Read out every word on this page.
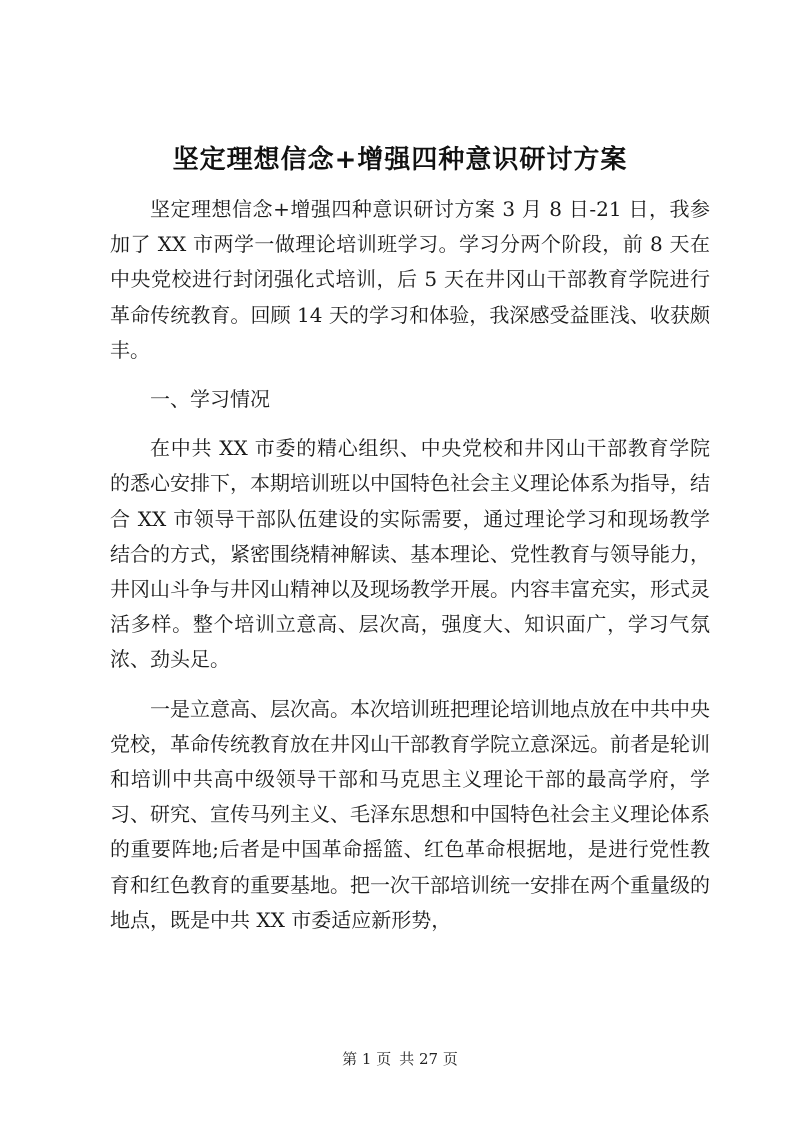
坚定理想信念+增强四种意识研讨方案

坚定理想信念+增强四种意识研讨方案 3 月 8 日-21 日，我参加了 XX 市两学一做理论培训班学习。学习分两个阶段，前 8 天在中央党校进行封闭强化式培训，后 5 天在井冈山干部教育学院进行革命传统教育。回顾 14 天的学习和体验，我深感受益匪浅、收获颇丰。

一、学习情况

在中共 XX 市委的精心组织、中央党校和井冈山干部教育学院的悉心安排下，本期培训班以中国特色社会主义理论体系为指导，结合 XX 市领导干部队伍建设的实际需要，通过理论学习和现场教学结合的方式，紧密围绕精神解读、基本理论、党性教育与领导能力，井冈山斗争与井冈山精神以及现场教学开展。内容丰富充实，形式灵活多样。整个培训立意高、层次高，强度大、知识面广，学习气氛浓、劲头足。

一是立意高、层次高。本次培训班把理论培训地点放在中共中央党校，革命传统教育放在井冈山干部教育学院立意深远。前者是轮训和培训中共高中级领导干部和马克思主义理论干部的最高学府，学习、研究、宣传马列主义、毛泽东思想和中国特色社会主义理论体系的重要阵地;后者是中国革命摇篮、红色革命根据地，是进行党性教育和红色教育的重要基地。把一次干部培训统一安排在两个重量级的地点，既是中共 XX 市委适应新形势，

第 1 页 共 27 页
